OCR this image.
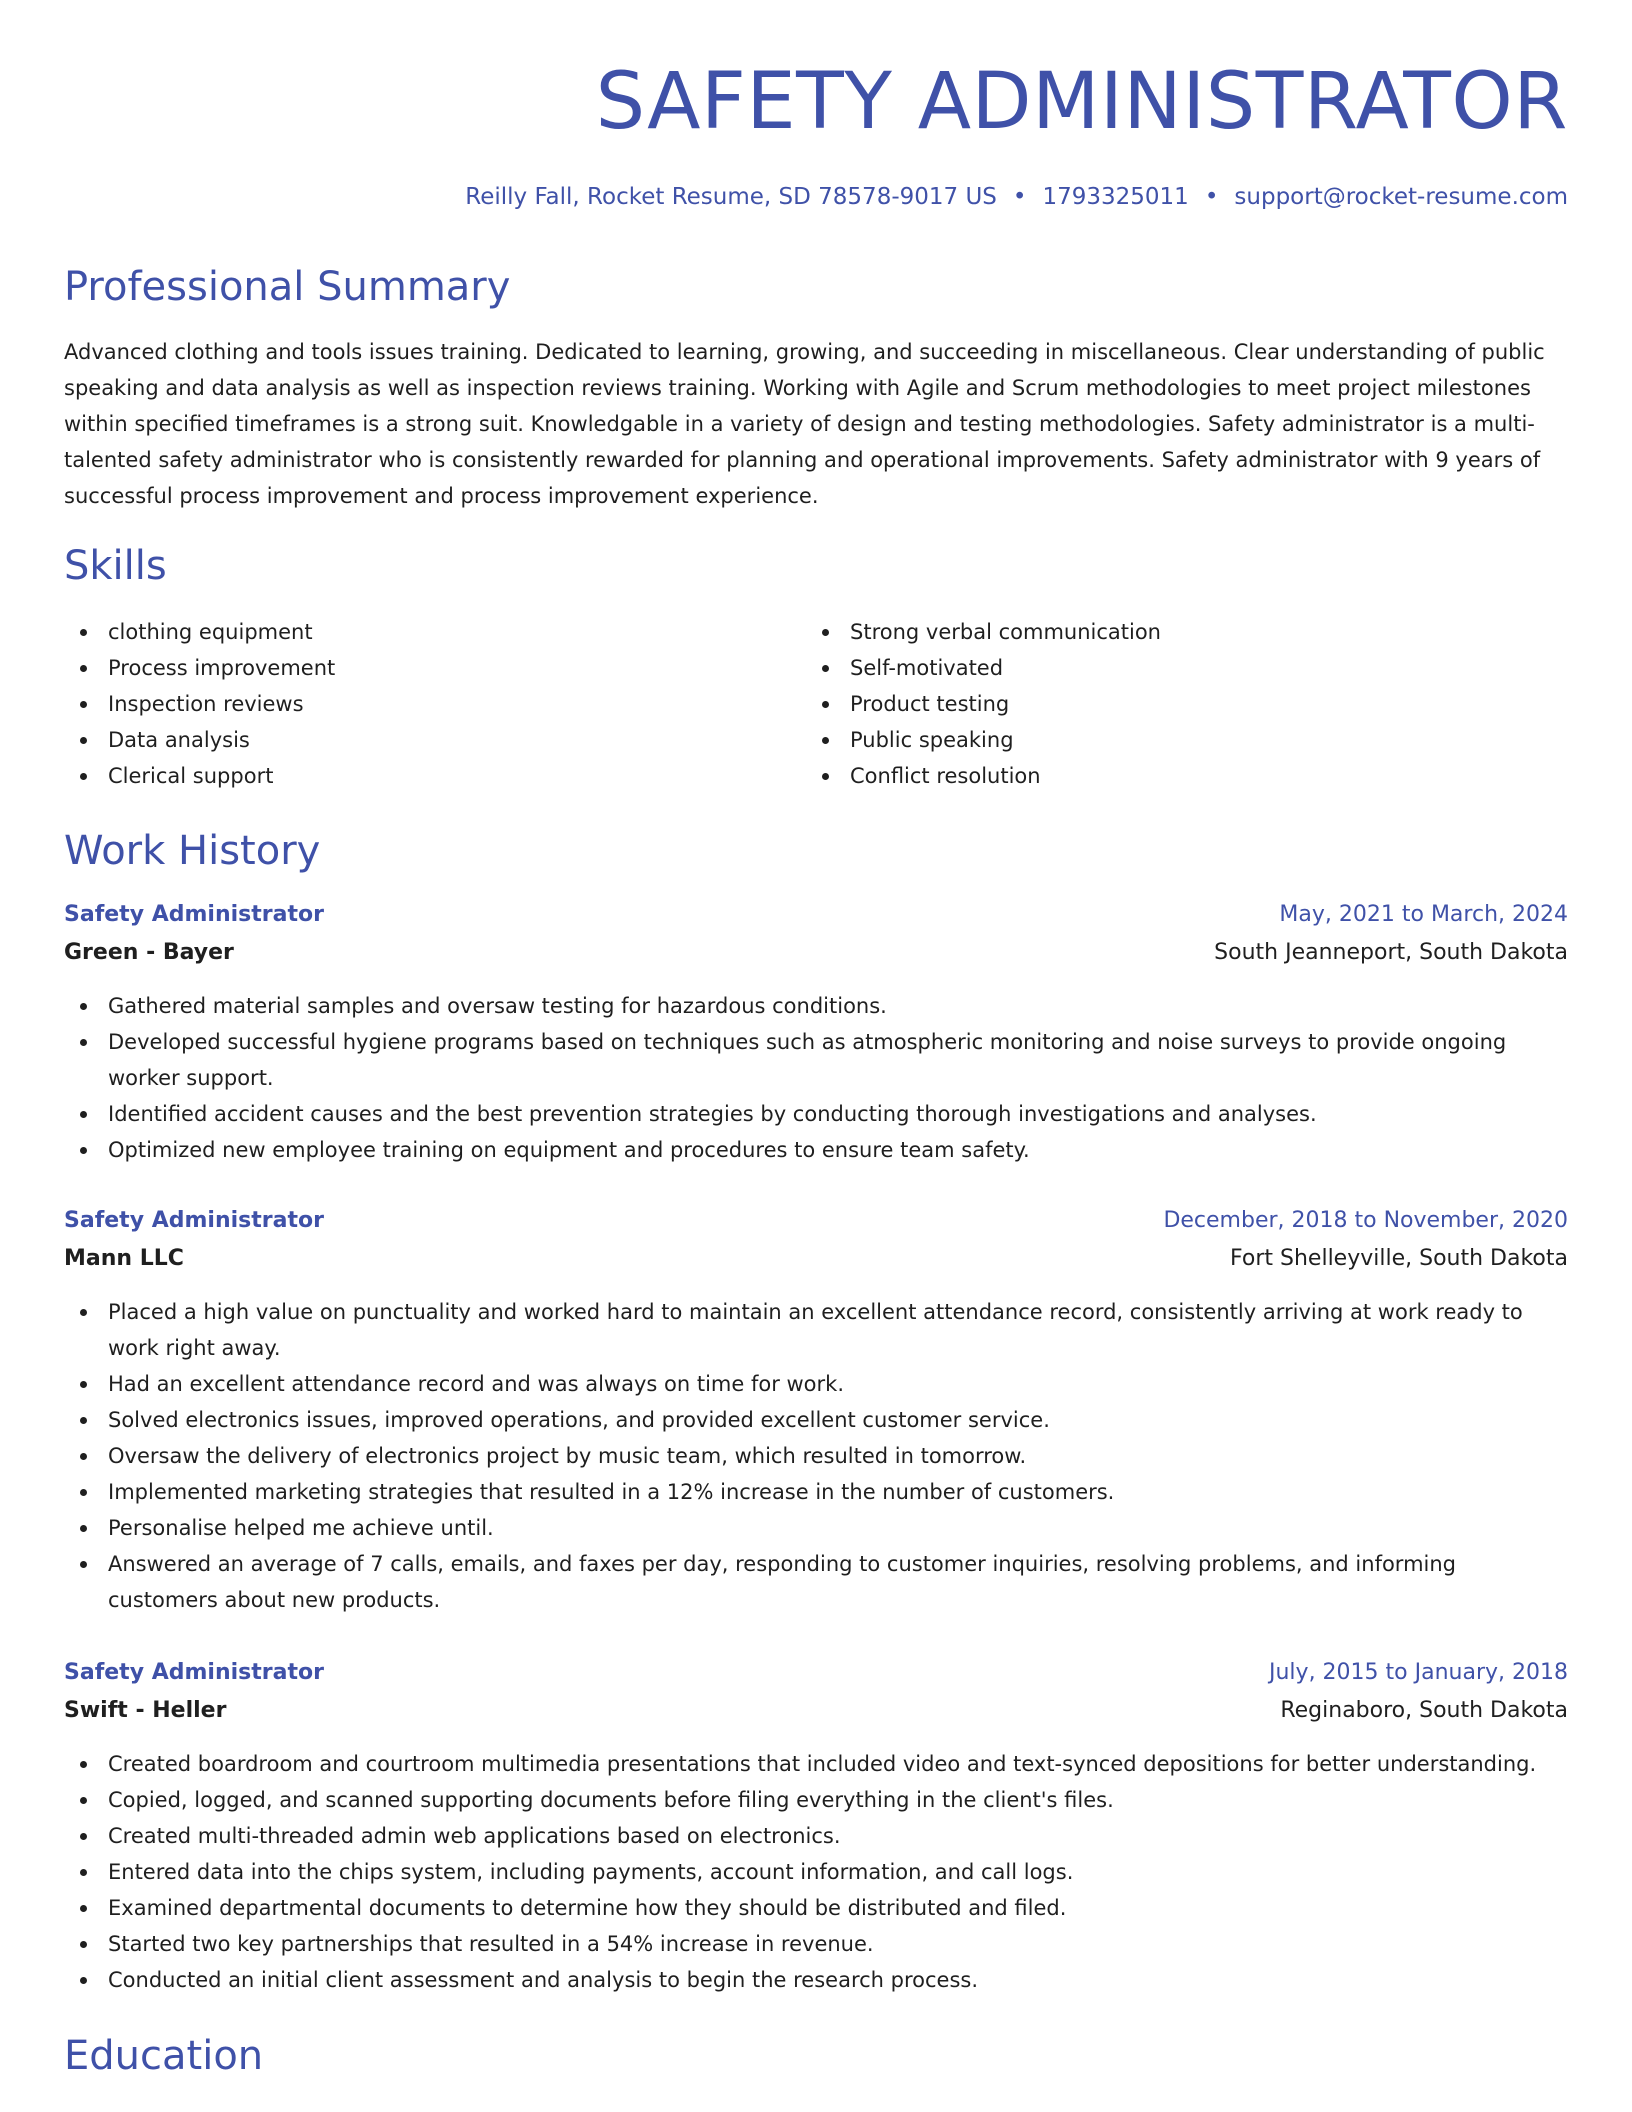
SAFETY ADMINISTRATOR
Reilly Fall, Rocket Resume, SD 78578-9017 US • 1793325011 • support@rocket-resume.com
Professional Summary

Advanced clothing and tools issues training. Dedicated to learning, growing, and succeeding in miscellaneous. Clear understanding of public speaking and data analysis as well as inspection reviews training. Working with Agile and Scrum methodologies to meet project milestones within specified timeframes is a strong suit. Knowledgable in a variety of design and testing methodologies. Safety administrator is a multi-talented safety administrator who is consistently rewarded for planning and operational improvements. Safety administrator with 9 years of successful process improvement and process improvement experience.

Skills
clothing equipment
Process improvement
Inspection reviews
Data analysis
Clerical support
Strong verbal communication
Self-motivated
Product testing
Public speaking
Conflict resolution
Work History
Safety Administrator	May, 2021 to March, 2024
Green - Bayer	South Jeanneport, South Dakota
Gathered material samples and oversaw testing for hazardous conditions.
Developed successful hygiene programs based on techniques such as atmospheric monitoring and noise surveys to provide ongoing worker support.
Identified accident causes and the best prevention strategies by conducting thorough investigations and analyses.
Optimized new employee training on equipment and procedures to ensure team safety.
Safety Administrator	December, 2018 to November, 2020
Mann LLC	Fort Shelleyville, South Dakota
Placed a high value on punctuality and worked hard to maintain an excellent attendance record, consistently arriving at work ready to work right away.
Had an excellent attendance record and was always on time for work.
Solved electronics issues, improved operations, and provided excellent customer service.
Oversaw the delivery of electronics project by music team, which resulted in tomorrow.
Implemented marketing strategies that resulted in a 12% increase in the number of customers.
Personalise helped me achieve until.
Answered an average of 7 calls, emails, and faxes per day, responding to customer inquiries, resolving problems, and informing customers about new products.
Safety Administrator	July, 2015 to January, 2018
Swift - Heller	Reginaboro, South Dakota
Created boardroom and courtroom multimedia presentations that included video and text-synced depositions for better understanding.
Copied, logged, and scanned supporting documents before filing everything in the client's files.
Created multi-threaded admin web applications based on electronics.
Entered data into the chips system, including payments, account information, and call logs.
Examined departmental documents to determine how they should be distributed and filed.
Started two key partnerships that resulted in a 54% increase in revenue.
Conducted an initial client assessment and analysis to begin the research process.
Education
